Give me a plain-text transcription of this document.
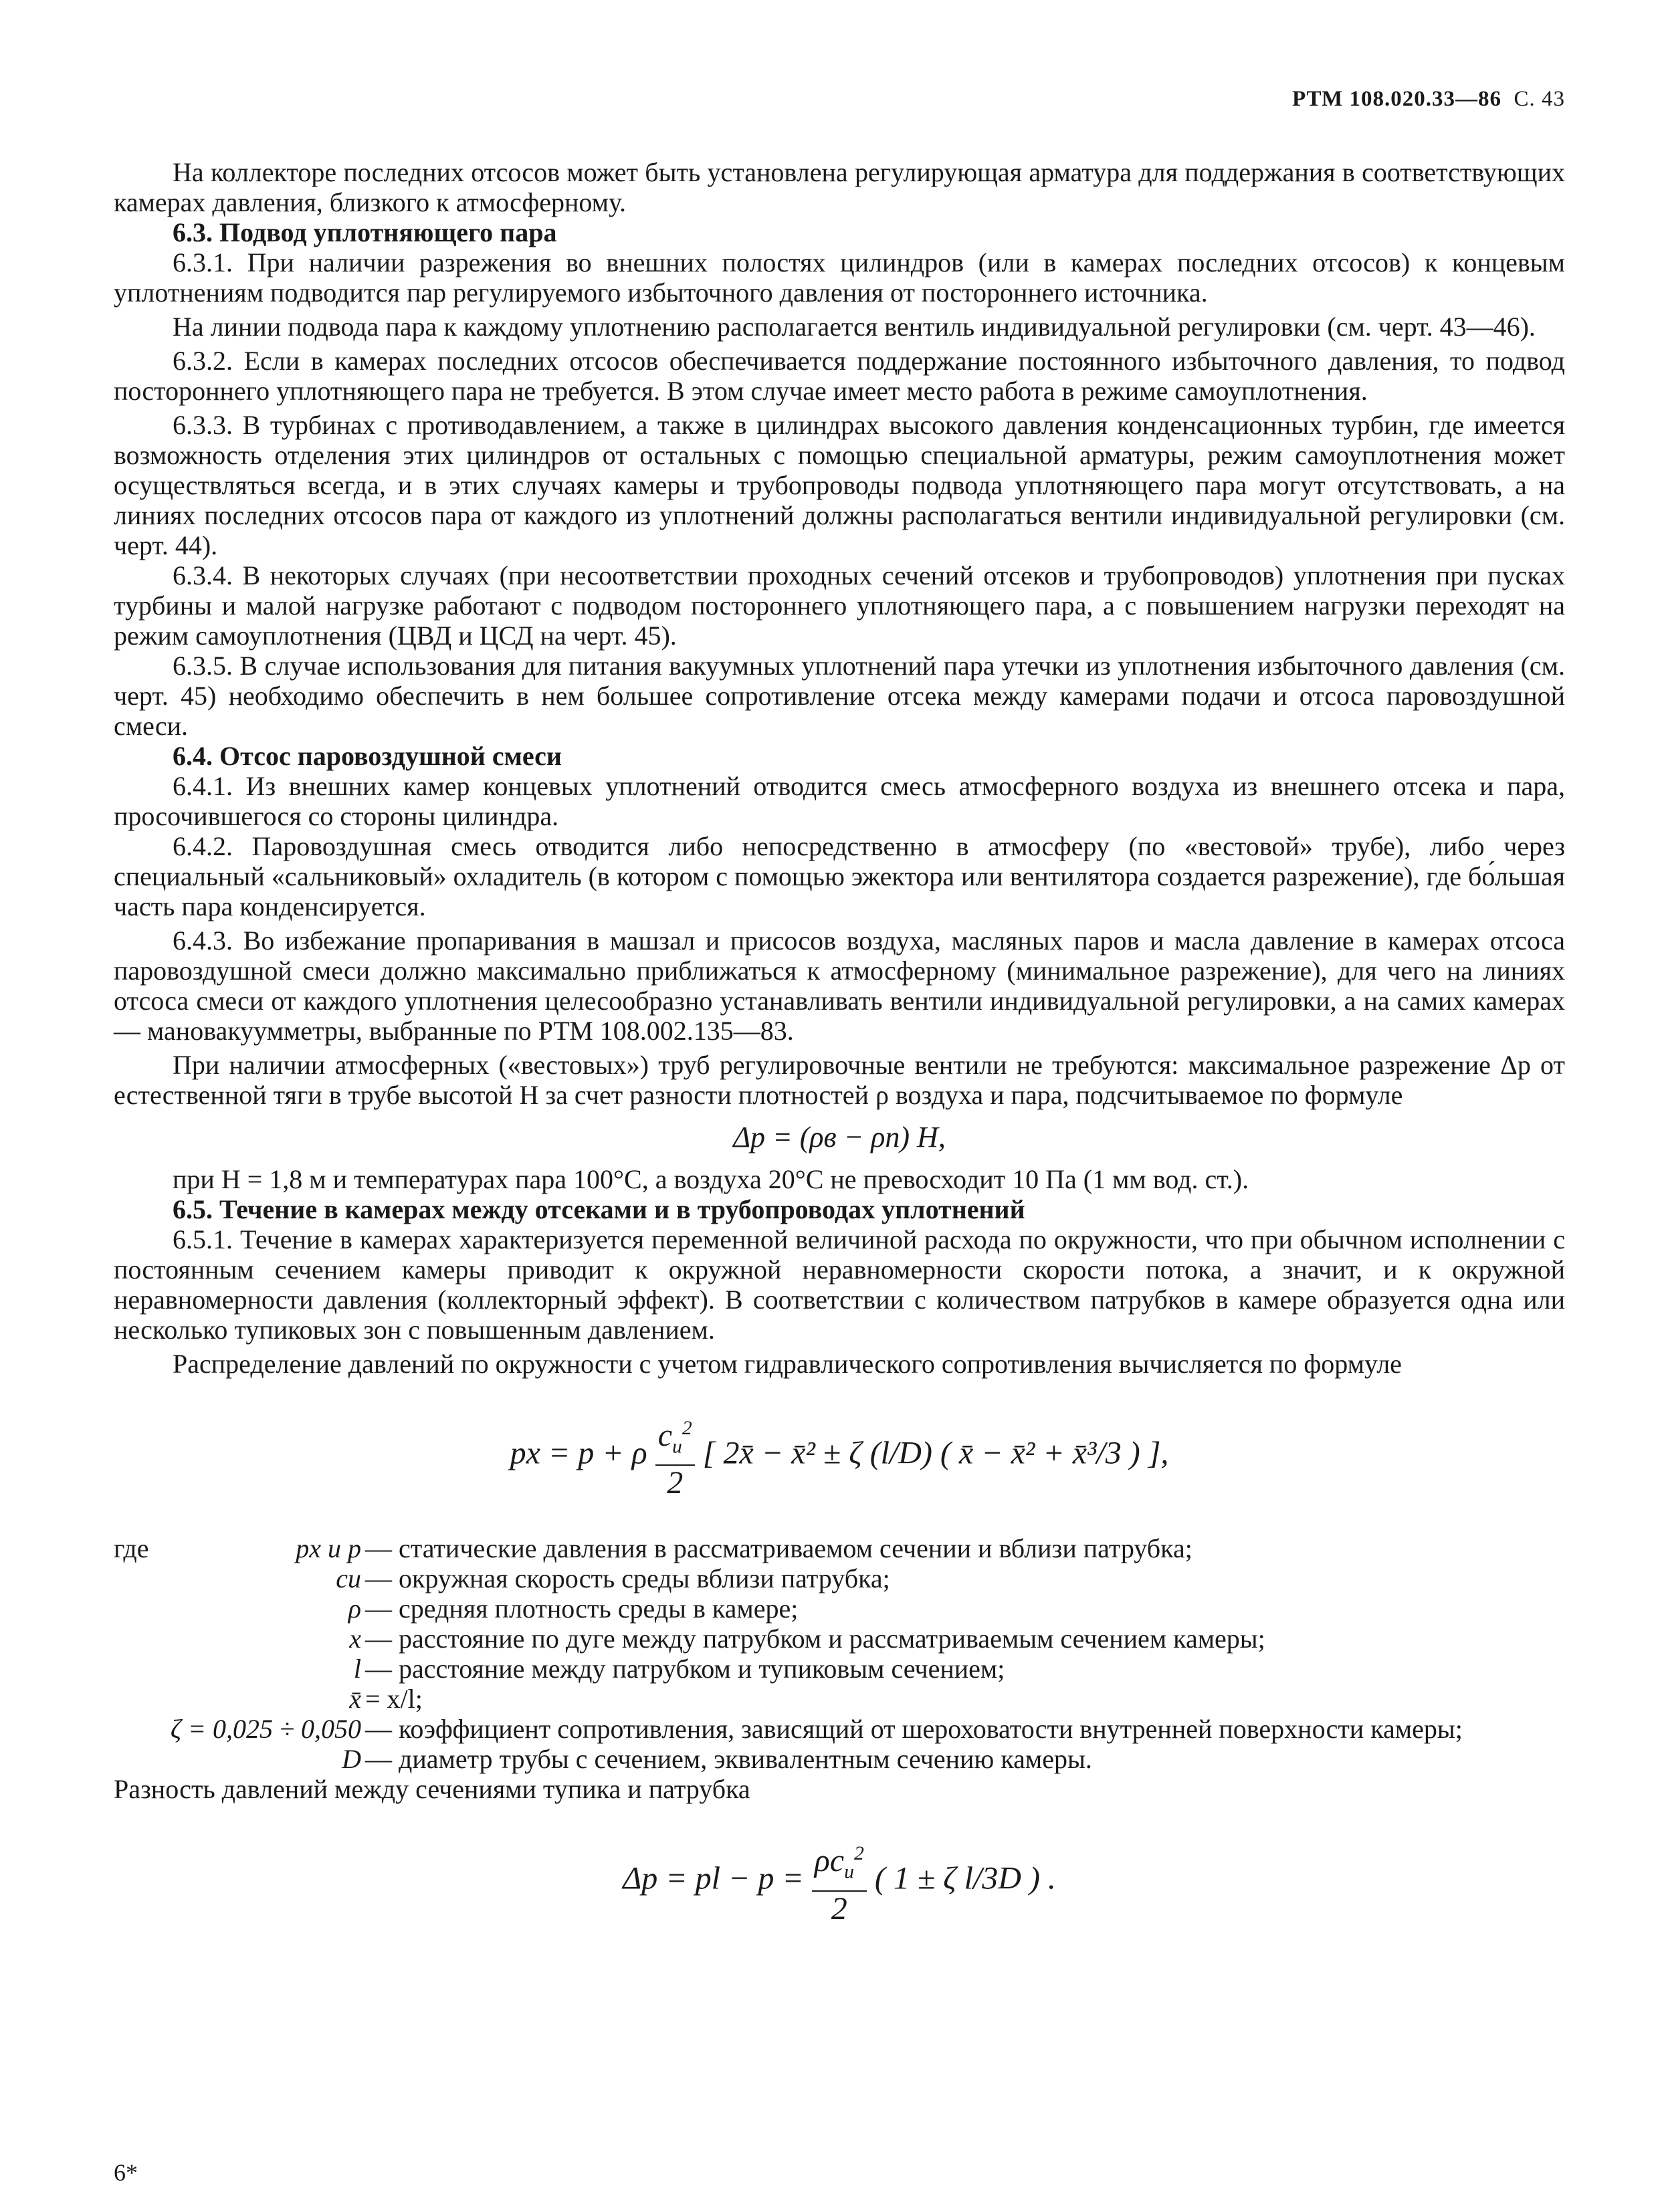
РТМ 108.020.33—86 С. 43

На коллекторе последних отсосов может быть установлена регулирующая арматура для поддержания в соответствующих камерах давления, близкого к атмосферному.

6.3. Подвод уплотняющего пара

6.3.1. При наличии разрежения во внешних полостях цилиндров (или в камерах последних отсосов) к концевым уплотнениям подводится пар регулируемого избыточного давления от постороннего источника.

На линии подвода пара к каждому уплотнению располагается вентиль индивидуальной регулировки (см. черт. 43—46).

6.3.2. Если в камерах последних отсосов обеспечивается поддержание постоянного избыточного давления, то подвод постороннего уплотняющего пара не требуется. В этом случае имеет место работа в режиме самоуплотнения.

6.3.3. В турбинах с противодавлением, а также в цилиндрах высокого давления конденсационных турбин, где имеется возможность отделения этих цилиндров от остальных с помощью специальной арматуры, режим самоуплотнения может осуществляться всегда, и в этих случаях камеры и трубопроводы подвода уплотняющего пара могут отсутствовать, а на линиях последних отсосов пара от каждого из уплотнений должны располагаться вентили индивидуальной регулировки (см. черт. 44).

6.3.4. В некоторых случаях (при несоответствии проходных сечений отсеков и трубопроводов) уплотнения при пусках турбины и малой нагрузке работают с подводом постороннего уплотняющего пара, а с повышением нагрузки переходят на режим самоуплотнения (ЦВД и ЦСД на черт. 45).

6.3.5. В случае использования для питания вакуумных уплотнений пара утечки из уплотнения избыточного давления (см. черт. 45) необходимо обеспечить в нем большее сопротивление отсека между камерами подачи и отсоса паровоздушной смеси.

6.4. Отсос паровоздушной смеси

6.4.1. Из внешних камер концевых уплотнений отводится смесь атмосферного воздуха из внешнего отсека и пара, просочившегося со стороны цилиндра.

6.4.2. Паровоздушная смесь отводится либо непосредственно в атмосферу (по «вестовой» трубе), либо через специальный «сальниковый» охладитель (в котором с помощью эжектора или вентилятора создается разрежение), где бо́льшая часть пара конденсируется.

6.4.3. Во избежание пропаривания в машзал и присосов воздуха, масляных паров и масла давление в камерах отсоса паровоздушной смеси должно максимально приближаться к атмосферному (минимальное разрежение), для чего на линиях отсоса смеси от каждого уплотнения целесообразно устанавливать вентили индивидуальной регулировки, а на самих камерах — мановакуумметры, выбранные по РТМ 108.002.135—83.

При наличии атмосферных («вестовых») труб регулировочные вентили не требуются: максимальное разрежение Δp от естественной тяги в трубе высотой H за счет разности плотностей ρ воздуха и пара, подсчитываемое по формуле

Δp = (ρв − ρп) H,

при H = 1,8 м и температурах пара 100°С, а воздуха 20°С не превосходит 10 Па (1 мм вод. ст.).

6.5. Течение в камерах между отсеками и в трубопроводах уплотнений

6.5.1. Течение в камерах характеризуется переменной величиной расхода по окружности, что при обычном исполнении с постоянным сечением камеры приводит к окружной неравномерности скорости потока, а значит, и к окружной неравномерности давления (коллекторный эффект). В соответствии с количеством патрубков в камере образуется одна или несколько тупиковых зон с повышенным давлением.

Распределение давлений по окружности с учетом гидравлического сопротивления вычисляется по формуле

px = p + ρ $\frac{c_u^2}{2}$ [ 2x̄ − x̄² ± ζ (l/D) ( x̄ − x̄² + x̄³/3 ) ],
где	px и p — статические давления в рассматриваемом сечении и вблизи патрубка;
cu — окружная скорость среды вблизи патрубка;
ρ — средняя плотность среды в камере;
x — расстояние по дуге между патрубком и рассматриваемым сечением камеры;
l — расстояние между патрубком и тупиковым сечением;
x̄ = x/l;
ζ = 0,025 ÷ 0,050 — коэффициент сопротивления, зависящий от шероховатости внутренней поверхности камеры;
D — диаметр трубы с сечением, эквивалентным сечению камеры.

Разность давлений между сечениями тупика и патрубка

Δp = pl − $p = \frac{\rho c_u^2}{2}$ ( 1 ± ζ l/3D ) .
6*
